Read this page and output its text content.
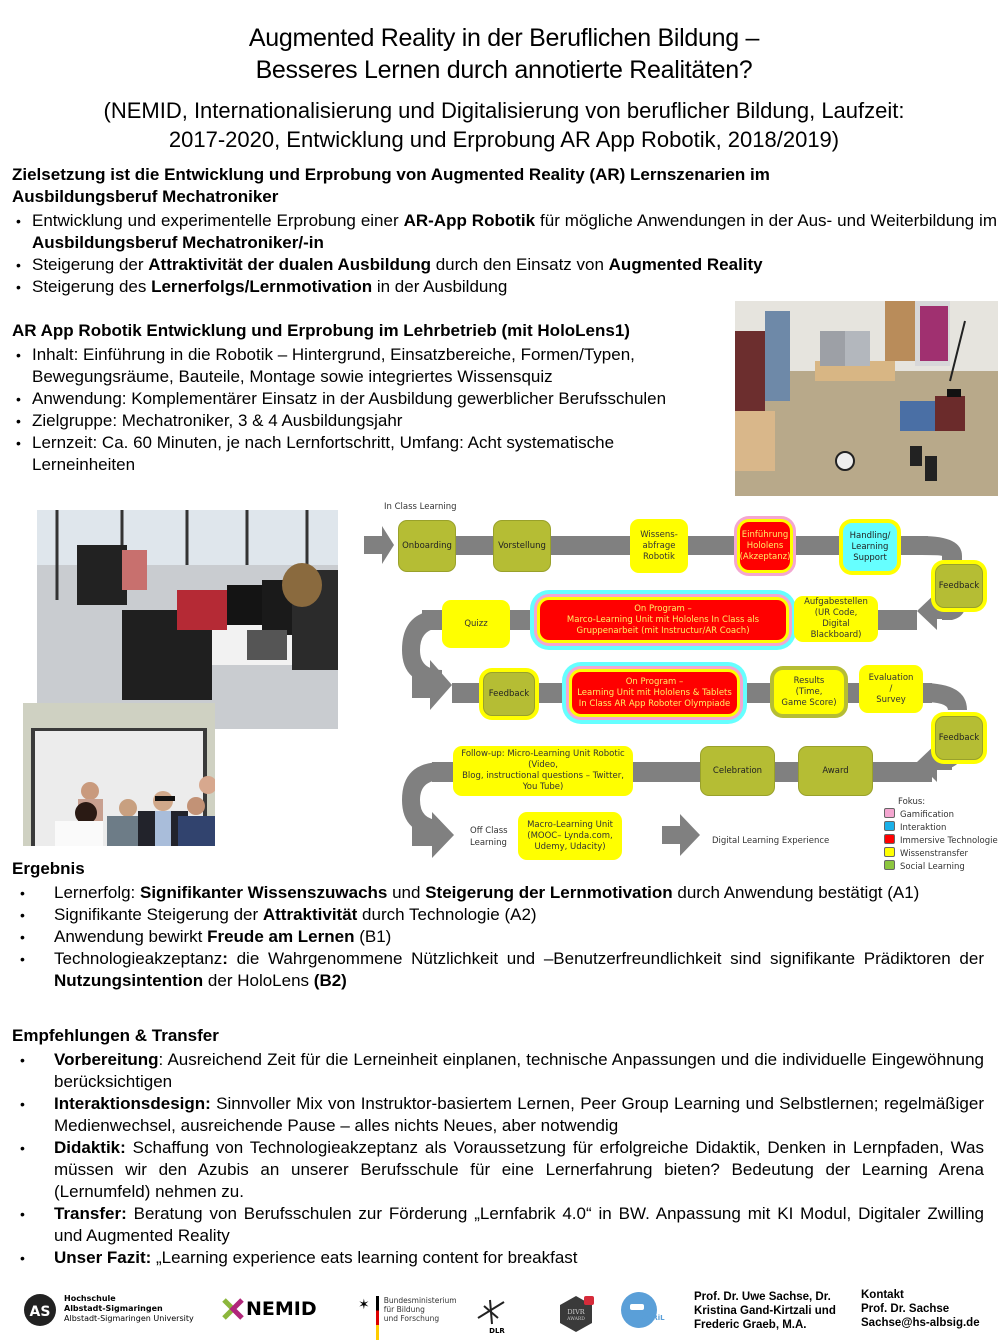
Augmented Reality in der Beruflichen Bildung –
Besseres Lernen durch annotierte Realitäten?
(NEMID, Internationalisierung und Digitalisierung von beruflicher Bildung, Laufzeit:
2017-2020, Entwicklung und Erprobung AR App Robotik, 2018/2019)
Zielsetzung ist die Entwicklung und Erprobung von Augmented Reality (AR) Lernszenarien im Ausbildungsberuf Mechatroniker
• Entwicklung und experimentelle Erprobung einer AR-App Robotik für mögliche Anwendungen in der Aus- und Weiterbildung im Ausbildungsberuf Mechatroniker/-in
• Steigerung der Attraktivität der dualen Ausbildung durch den Einsatz von Augmented Reality
• Steigerung des Lernerfolgs/Lernmotivation in der Ausbildung
AR App Robotik Entwicklung und Erprobung im Lehrbetrieb (mit HoloLens1)
• Inhalt: Einführung in die Robotik – Hintergrund, Einsatzbereiche, Formen/Typen, Bewegungsräume, Bauteile, Montage sowie integriertes Wissensquiz
• Anwendung: Komplementärer Einsatz in der Ausbildung gewerblicher Berufsschulen
• Zielgruppe: Mechatroniker, 3 & 4 Ausbildungsjahr
• Lernzeit: Ca. 60 Minuten, je nach Lernfortschritt, Umfang: Acht systematische Lerneinheiten
In Class Learning
Onboarding	Vorstellung
Wissens-
abfrage
Robotik
Einführung
Hololens
(Akzeptanz)
Handling/
Learning
Support
Feedback
Quizz
On Program –
Marco-Learning Unit mit Hololens In Class als
Gruppenarbeit (mit Instructur/AR Coach)
Aufgabestellen
(UR Code,
Digital
Blackboard)
Feedback
On Program –
Learning Unit mit Hololens & Tablets
In Class AR App Roboter Olympiade
Results
(Time,
Game Score)
Evaluation
/
Survey
Feedback
Follow-up: Micro-Learning Unit Robotic (Video,
Blog, instructional questions – Twitter, You Tube)
Celebration	Award
Off Class
Learning
Macro-Learning Unit
(MOOC– Lynda.com,
Udemy, Udacity)
Digital Learning Experience
Fokus:
Gamification
Interaktion
Immersive Technologie
Wissenstransfer
Social Learning
Ergebnis
• Lernerfolg: Signifikanter Wissenszuwachs und Steigerung der Lernmotivation durch Anwendung bestätigt (A1)
• Signifikante Steigerung der Attraktivität durch Technologie (A2)
• Anwendung bewirkt Freude am Lernen (B1)
• Technologieakzeptanz: die Wahrgenommene Nützlichkeit und –Benutzerfreundlichkeit sind signifikante Prädiktoren der Nutzungsintention der HoloLens (B2)
Empfehlungen & Transfer
• Vorbereitung: Ausreichend Zeit für die Lerneinheit einplanen, technische Anpassungen und die individuelle Eingewöhnung berücksichtigen
• Interaktionsdesign: Sinnvoller Mix von Instruktor-basiertem Lernen, Peer Group Learning und Selbstlernen; regelmäßiger Medienwechsel, ausreichende Pause – alles nichts Neues, aber notwendig
• Didaktik: Schaffung von Technologieakzeptanz als Voraussetzung für erfolgreiche Didaktik, Denken in Lernpfaden, Was müssen wir den Azubis an unserer Berufsschule für eine Lernerfahrung bieten? Bedeutung der Learning Arena (Lernumfeld) nehmen zu.
• Transfer: Beratung von Berufsschulen zur Förderung „Lernfabrik 4.0“ in BW. Anpassung mit KI Modul, Digitaler Zwilling und Augmented Reality
• Unser Fazit: „Learning experience eats learning content for breakfast
AS
Hochschule
Albstadt-Sigmaringen
Albstadt-Sigmaringen University	NEMID	✶ Bundesministerium
für Bildung
und Forschung
DLR
DIVR
AWARD	AVRiL
Prof. Dr. Uwe Sachse, Dr.
Kristina Gand-Kirtzali und
Frederic Graeb, M.A.
Kontakt
Prof. Dr. Sachse
Sachse@hs-albsig.de
